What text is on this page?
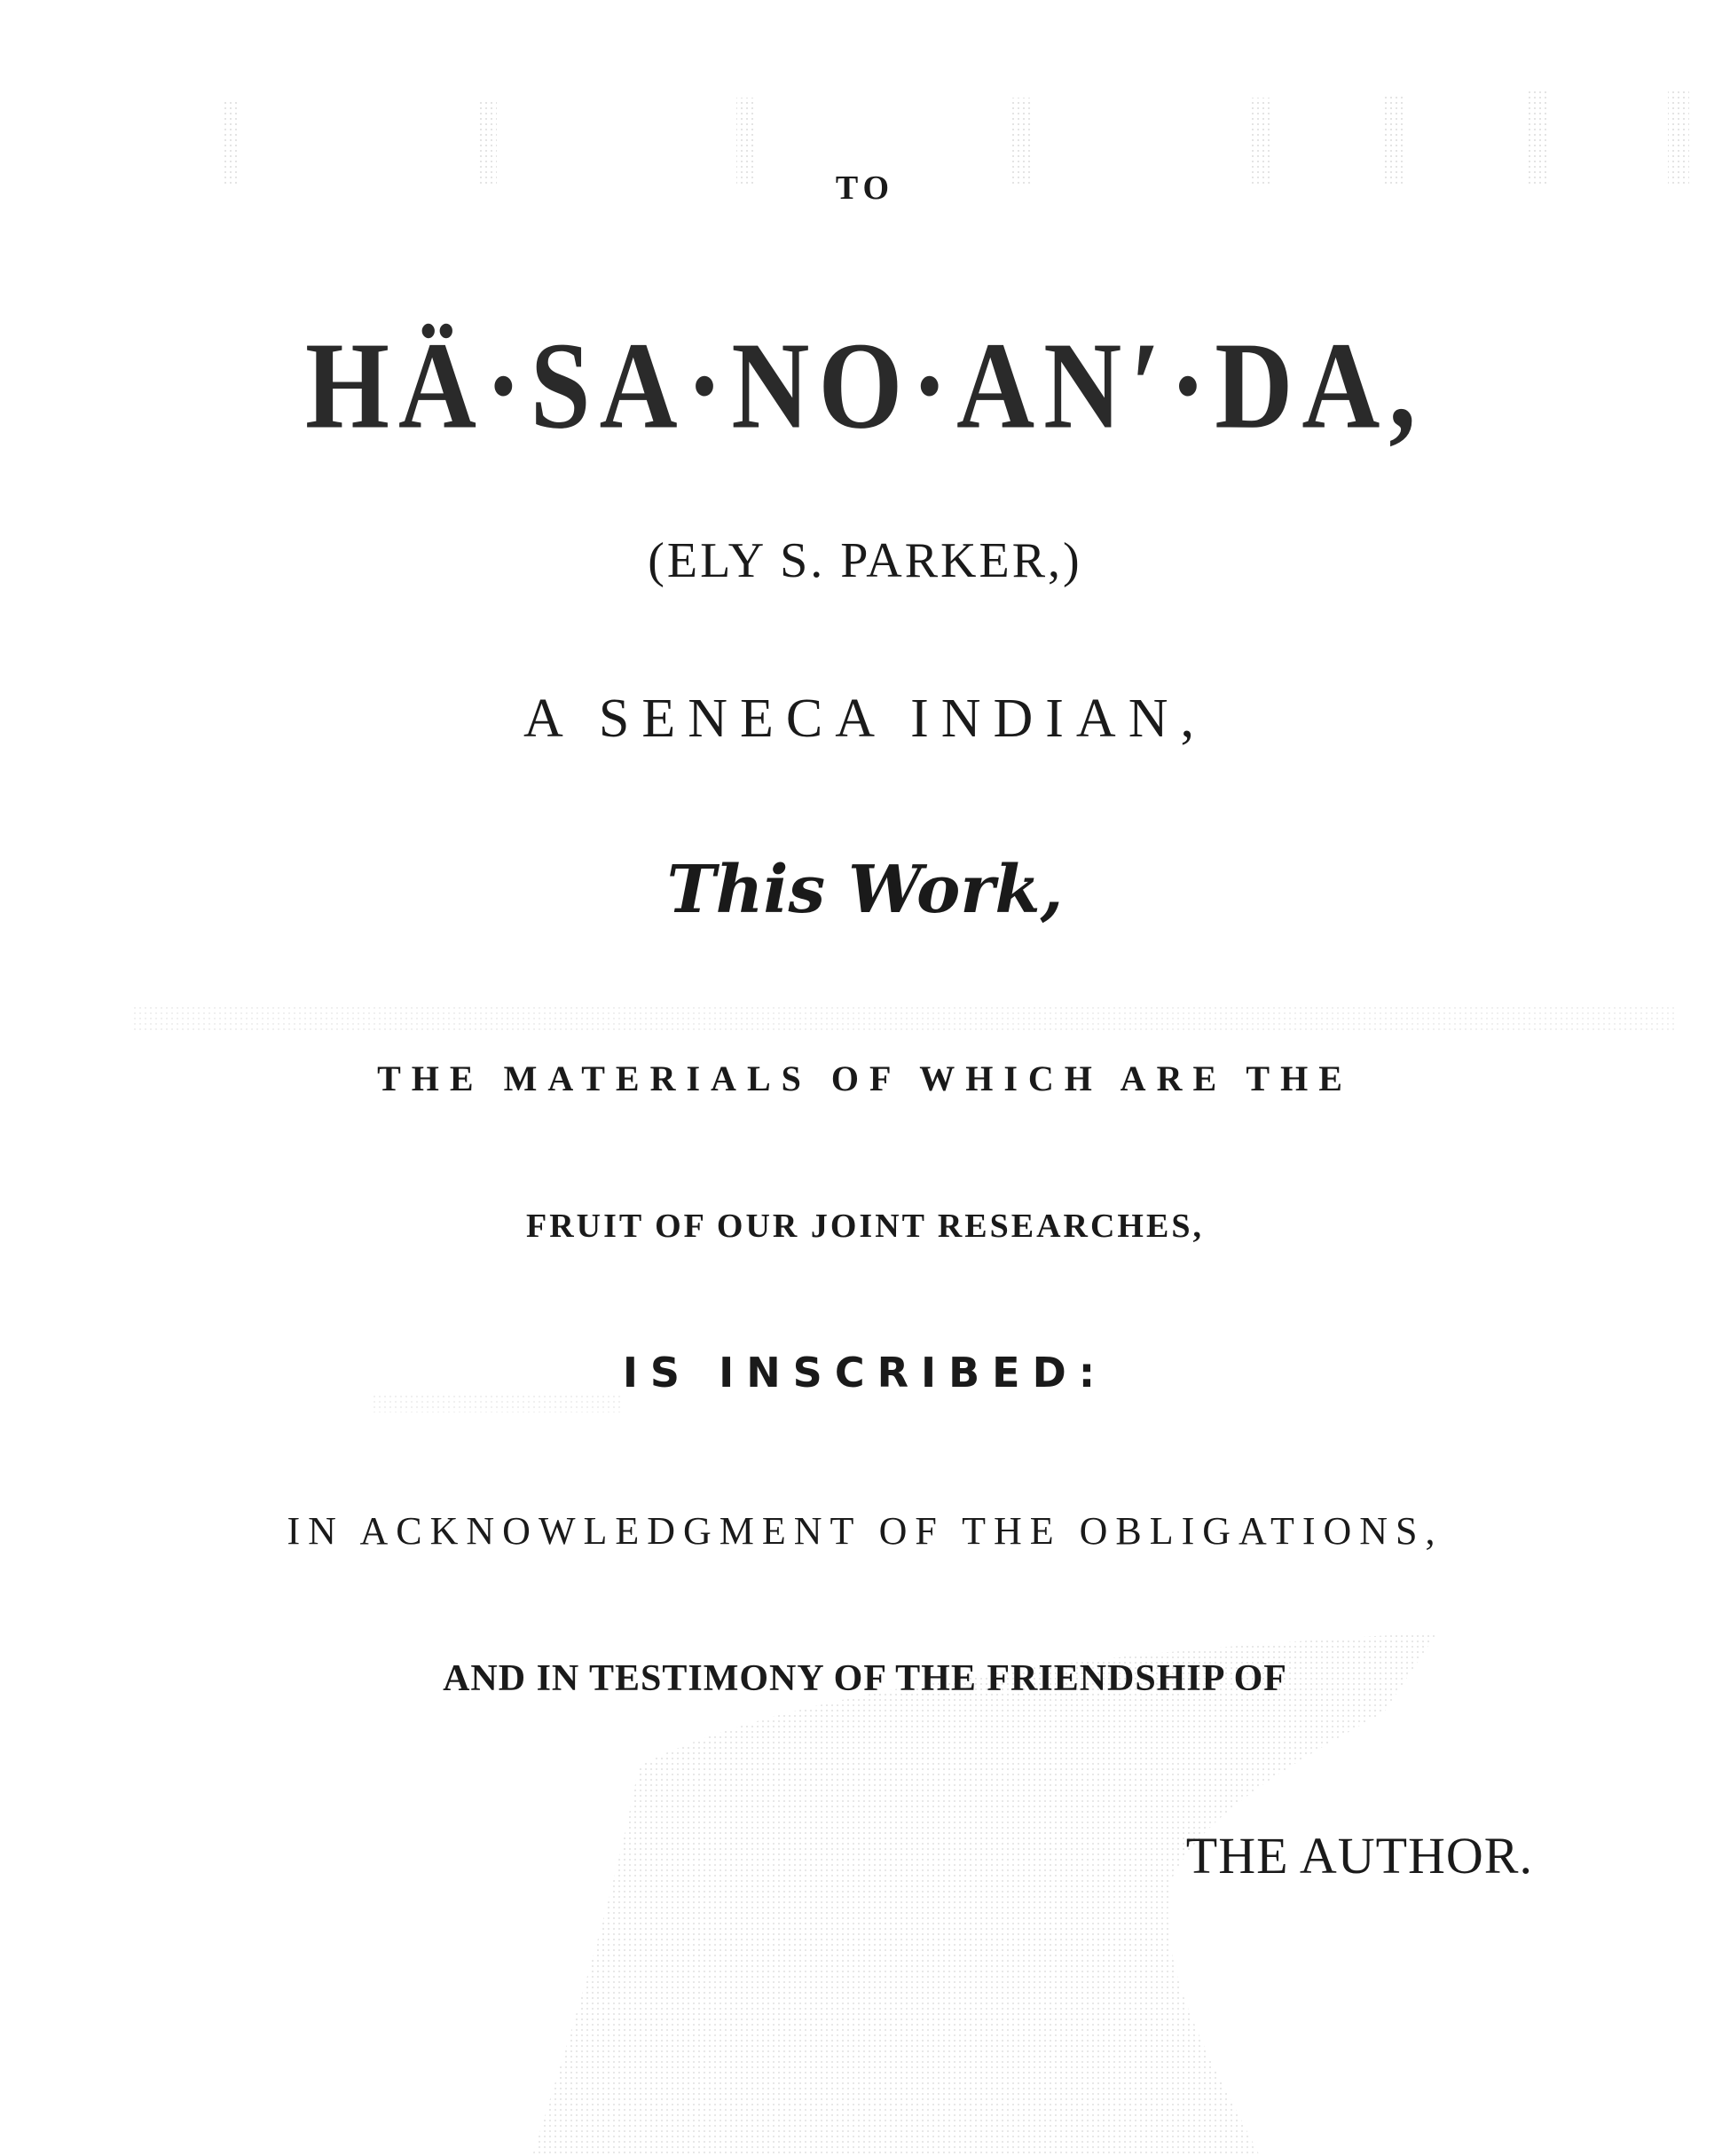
TO
HÄ·SA·NO·AN′·DA,
(ELY S. PARKER,)
A SENECA INDIAN,
This Work,
THE MATERIALS OF WHICH ARE THE
FRUIT OF OUR JOINT RESEARCHES,
IS INSCRIBED:
IN ACKNOWLEDGMENT OF THE OBLIGATIONS,
AND IN TESTIMONY OF THE FRIENDSHIP OF
THE AUTHOR.
